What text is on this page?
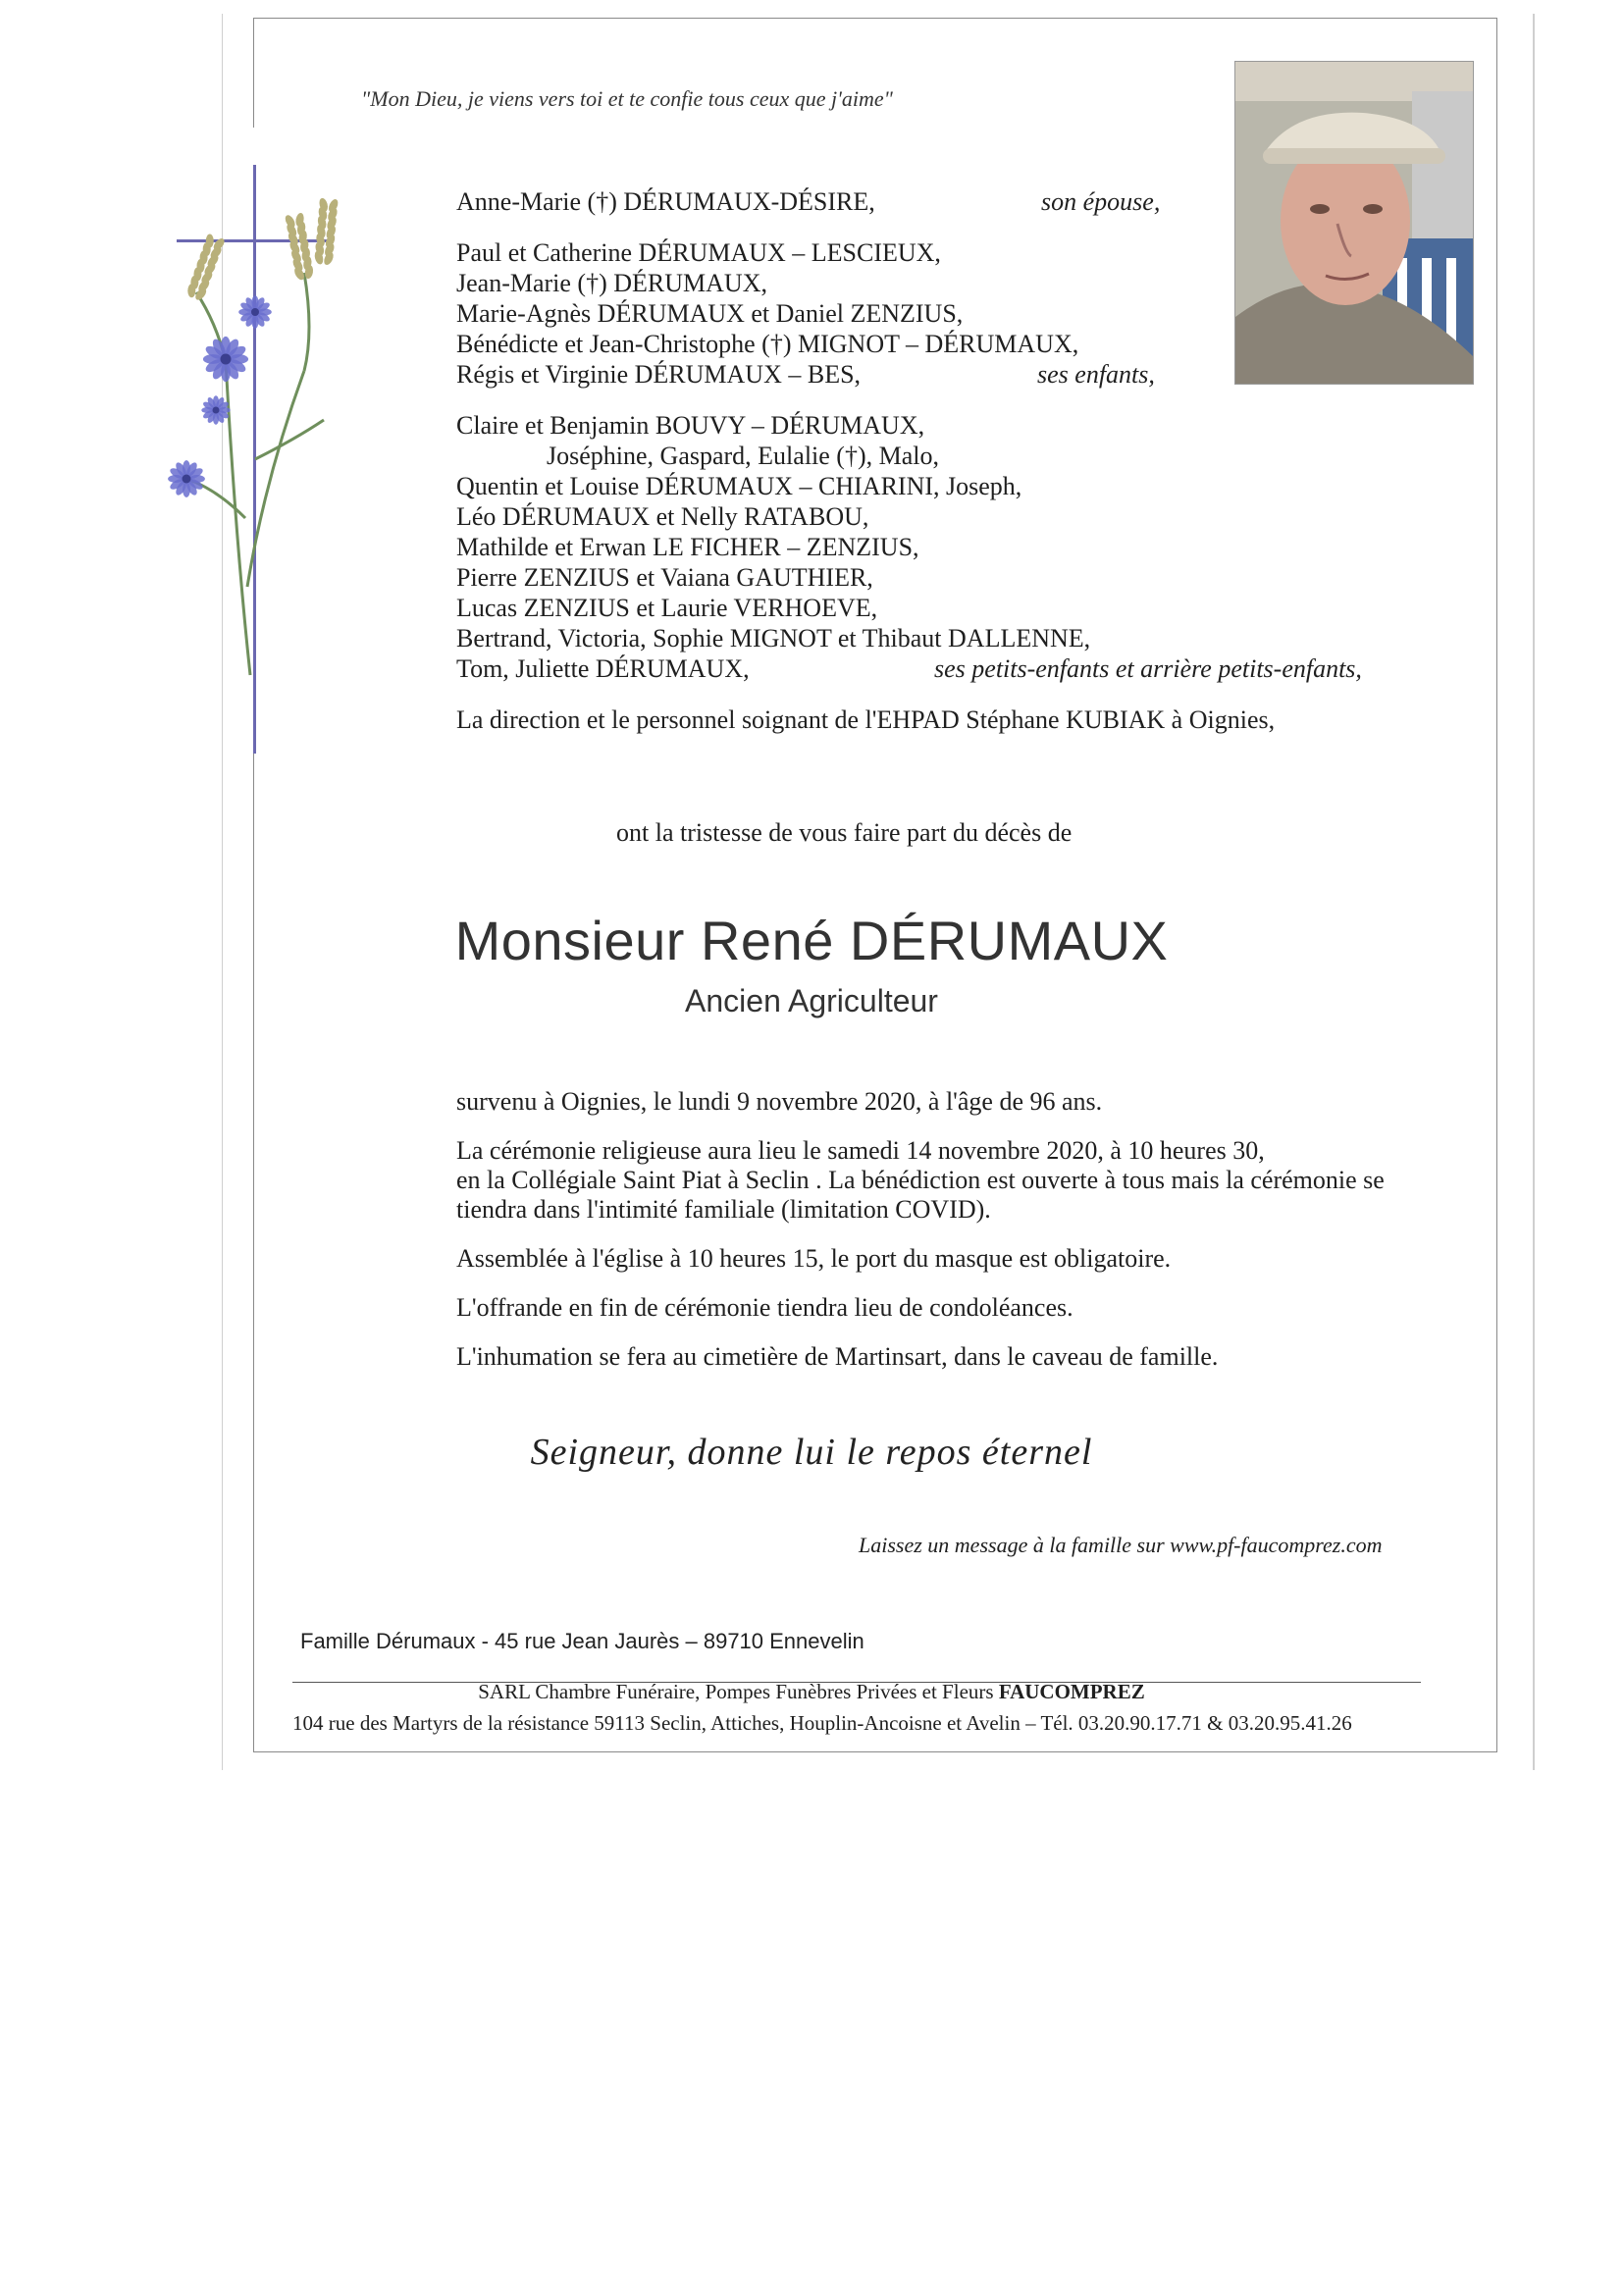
"Mon Dieu, je viens vers toi et te confie tous ceux que j'aime"
Anne-Marie (†) DÉRUMAUX-DÉSIRE,	son épouse,
Paul et Catherine DÉRUMAUX – LESCIEUX,
Jean-Marie (†) DÉRUMAUX,
Marie-Agnès DÉRUMAUX et Daniel ZENZIUS,
Bénédicte et Jean-Christophe (†) MIGNOT – DÉRUMAUX,
Régis et Virginie DÉRUMAUX – BES,	ses enfants,
Claire et Benjamin BOUVY – DÉRUMAUX,
Joséphine, Gaspard, Eulalie (†), Malo,
Quentin et Louise DÉRUMAUX – CHIARINI, Joseph,
Léo DÉRUMAUX et Nelly RATABOU,
Mathilde et Erwan LE FICHER – ZENZIUS,
Pierre ZENZIUS et Vaiana GAUTHIER,
Lucas ZENZIUS et Laurie VERHOEVE,
Bertrand, Victoria, Sophie MIGNOT et Thibaut DALLENNE,
Tom, Juliette DÉRUMAUX,	ses petits-enfants et arrière petits-enfants,
La direction et le personnel soignant de l'EHPAD Stéphane KUBIAK à Oignies,
ont la tristesse de vous faire part du décès de
Monsieur René DÉRUMAUX
Ancien Agriculteur

survenu à Oignies, le lundi 9 novembre 2020, à l'âge de 96 ans.

La cérémonie religieuse aura lieu le samedi 14 novembre 2020, à 10 heures 30,
en la Collégiale Saint Piat à Seclin . La bénédiction est ouverte à tous mais la cérémonie se
tiendra dans l'intimité familiale (limitation COVID).

Assemblée à l'église à 10 heures 15, le port du masque est obligatoire.

L'offrande en fin de cérémonie tiendra lieu de condoléances.

L'inhumation se fera au cimetière de Martinsart, dans le caveau de famille.

Seigneur, donne lui le repos éternel
Laissez un message à la famille sur www.pf-faucomprez.com
Famille Dérumaux - 45 rue Jean Jaurès – 89710 Ennevelin
SARL Chambre Funéraire, Pompes Funèbres Privées et Fleurs FAUCOMPREZ
104 rue des Martyrs de la résistance 59113 Seclin, Attiches, Houplin-Ancoisne et Avelin – Tél. 03.20.90.17.71 & 03.20.95.41.26
